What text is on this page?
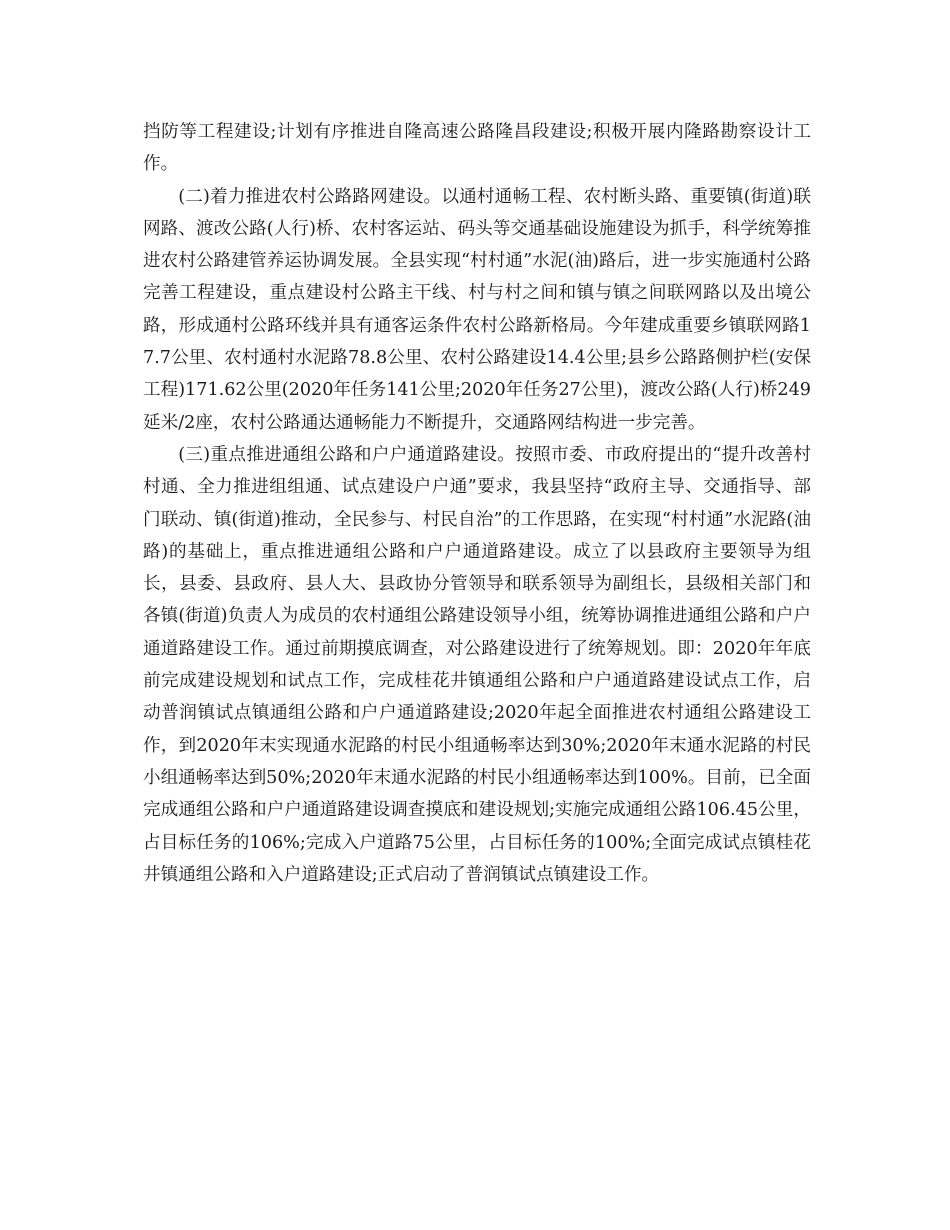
挡防等工程建设;计划有序推进自隆高速公路隆昌段建设;积极开展内隆路勘察设计工作。

(二)着力推进农村公路路网建设。以通村通畅工程、农村断头路、重要镇(街道)联网路、渡改公路(人行)桥、农村客运站、码头等交通基础设施建设为抓手，科学统筹推进农村公路建管养运协调发展。全县实现“村村通”水泥(油)路后，进一步实施通村公路完善工程建设，重点建设村公路主干线、村与村之间和镇与镇之间联网路以及出境公路，形成通村公路环线并具有通客运条件农村公路新格局。今年建成重要乡镇联网路17.7公里、农村通村水泥路78.8公里、农村公路建设14.4公里;县乡公路路侧护栏(安保工程)171.62公里(2020年任务141公里;2020年任务27公里)，渡改公路(人行)桥249延米/2座，农村公路通达通畅能力不断提升，交通路网结构进一步完善。

(三)重点推进通组公路和户户通道路建设。按照市委、市政府提出的“提升改善村村通、全力推进组组通、试点建设户户通”要求，我县坚持“政府主导、交通指导、部门联动、镇(街道)推动，全民参与、村民自治”的工作思路，在实现“村村通”水泥路(油路)的基础上，重点推进通组公路和户户通道路建设。成立了以县政府主要领导为组长，县委、县政府、县人大、县政协分管领导和联系领导为副组长，县级相关部门和各镇(街道)负责人为成员的农村通组公路建设领导小组，统筹协调推进通组公路和户户通道路建设工作。通过前期摸底调查，对公路建设进行了统筹规划。即：2020年年底前完成建设规划和试点工作，完成桂花井镇通组公路和户户通道路建设试点工作，启动普润镇试点镇通组公路和户户通道路建设;2020年起全面推进农村通组公路建设工作，到2020年末实现通水泥路的村民小组通畅率达到30%;2020年末通水泥路的村民小组通畅率达到50%;2020年末通水泥路的村民小组通畅率达到100%。目前，已全面完成通组公路和户户通道路建设调查摸底和建设规划;实施完成通组公路106.45公里，占目标任务的106%;完成入户道路75公里，占目标任务的100%;全面完成试点镇桂花井镇通组公路和入户道路建设;正式启动了普润镇试点镇建设工作。
